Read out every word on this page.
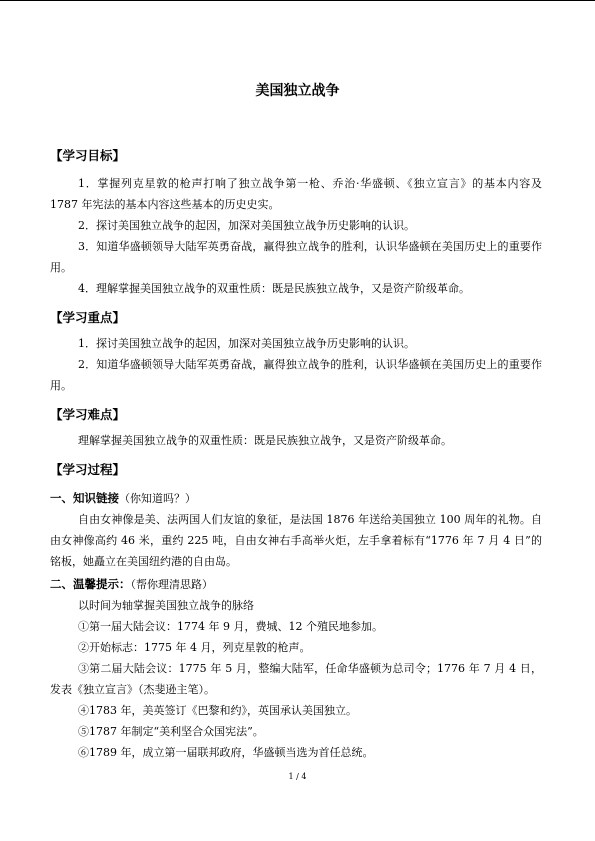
美国独立战争
【学习目标】
1．掌握列克星敦的枪声打响了独立战争第一枪、乔治·华盛顿、《独立宣言》的基本内容及 1787 年宪法的基本内容这些基本的历史史实。
2．探讨美国独立战争的起因，加深对美国独立战争历史影响的认识。
3．知道华盛顿领导大陆军英勇奋战，赢得独立战争的胜利，认识华盛顿在美国历史上的重要作用。
4．理解掌握美国独立战争的双重性质：既是民族独立战争，又是资产阶级革命。
【学习重点】
1．探讨美国独立战争的起因，加深对美国独立战争历史影响的认识。
2．知道华盛顿领导大陆军英勇奋战，赢得独立战争的胜利，认识华盛顿在美国历史上的重要作用。
【学习难点】
理解掌握美国独立战争的双重性质：既是民族独立战争，又是资产阶级革命。
【学习过程】
一、知识链接（你知道吗？）
自由女神像是美、法两国人们友谊的象征，是法国 1876 年送给美国独立 100 周年的礼物。自由女神像高约 46 米，重约 225 吨，自由女神右手高举火炬，左手拿着标有“1776 年 7 月 4 日”的铭板，她矗立在美国纽约港的自由岛。
二、温馨提示：（帮你理清思路）
以时间为轴掌握美国独立战争的脉络
①第一届大陆会议：1774 年 9 月，费城、12 个殖民地参加。
②开始标志：1775 年 4 月，列克星敦的枪声。
③第二届大陆会议：1775 年 5 月，整编大陆军，任命华盛顿为总司令；1776 年 7 月 4 日，发表《独立宣言》（杰斐逊主笔）。
④1783 年，美英签订《巴黎和约》，英国承认美国独立。
⑤1787 年制定“美利坚合众国宪法”。
⑥1789 年，成立第一届联邦政府，华盛顿当选为首任总统。
1 / 4
